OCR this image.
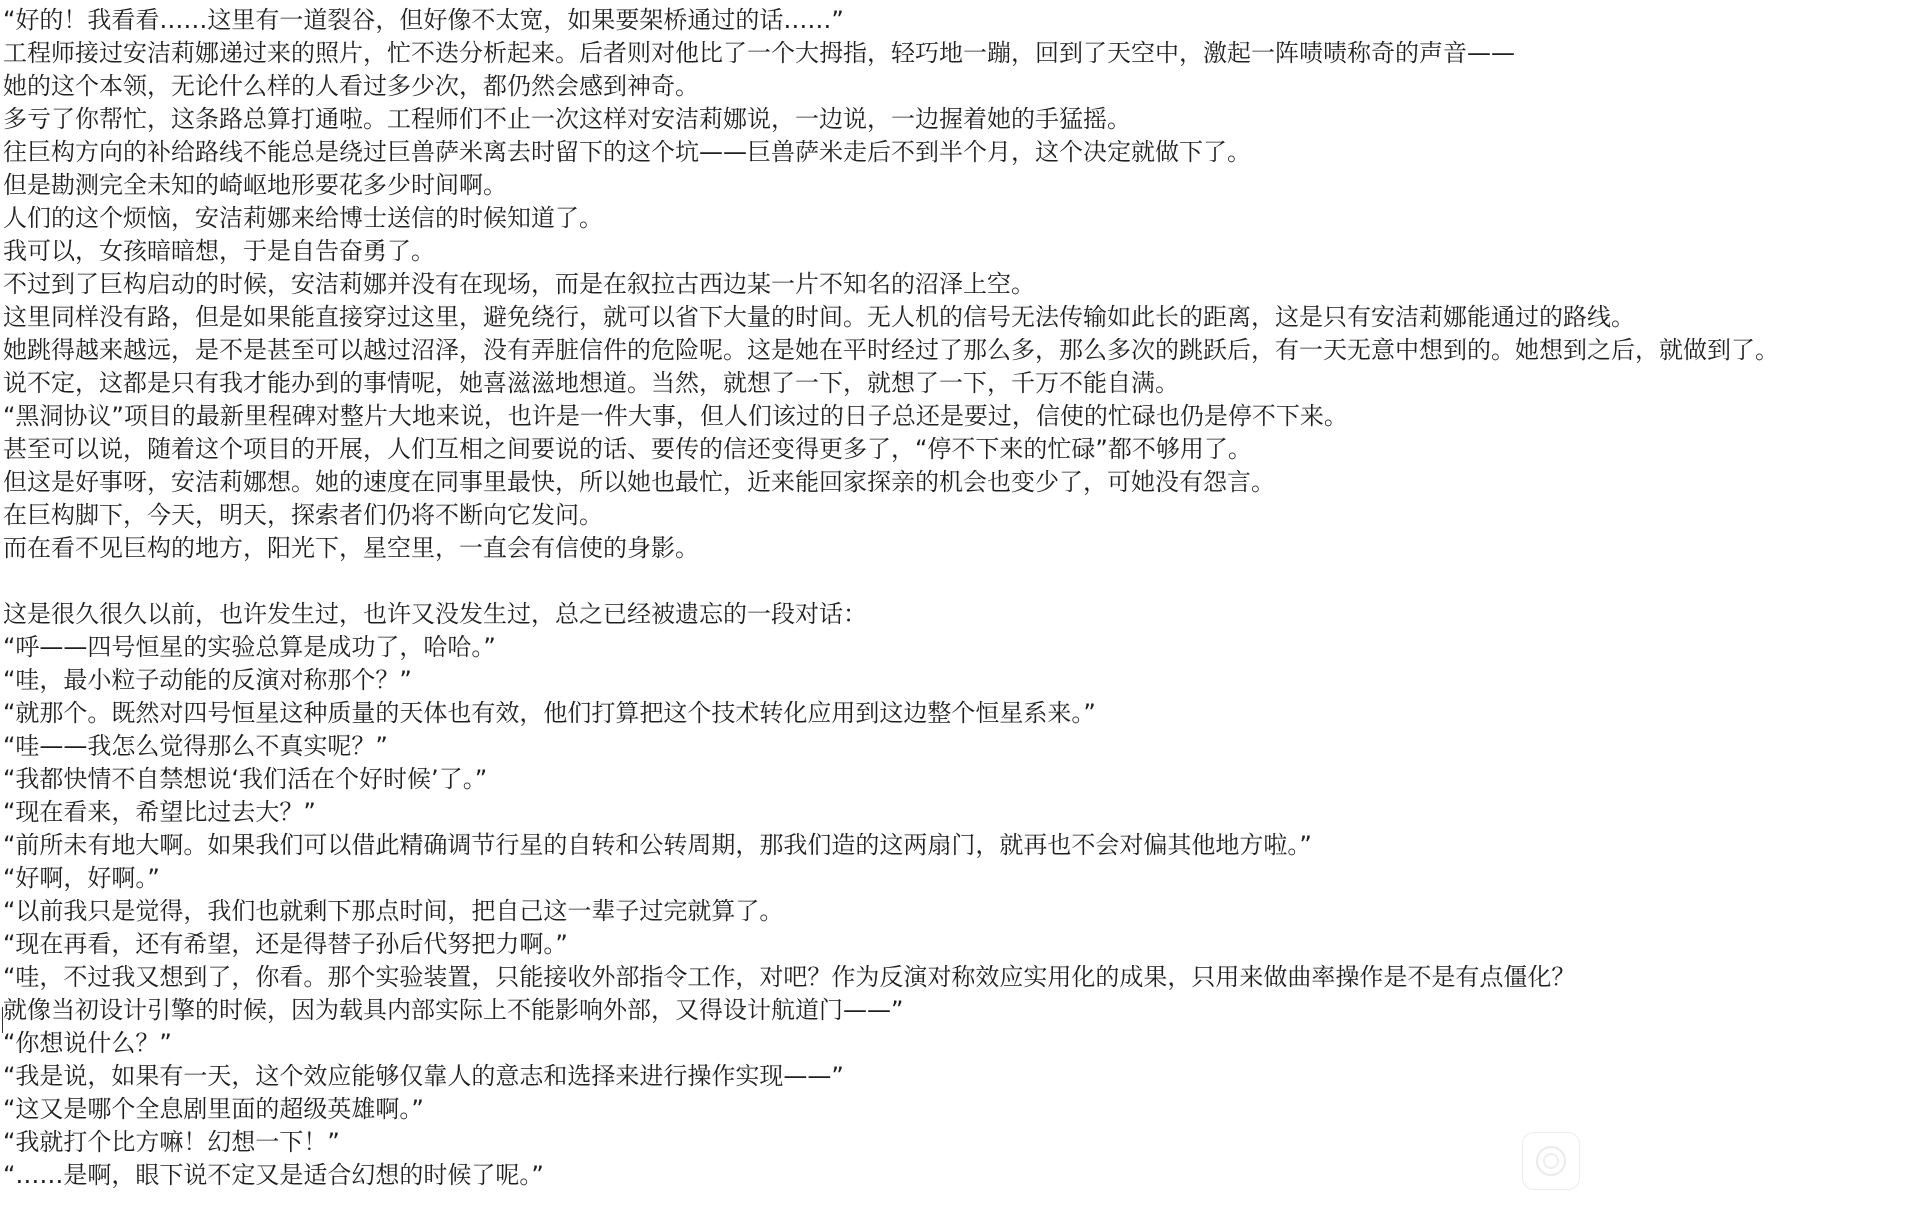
“好的！我看看……这里有一道裂谷，但好像不太宽，如果要架桥通过的话……”
工程师接过安洁莉娜递过来的照片，忙不迭分析起来。后者则对他比了一个大拇指，轻巧地一蹦，回到了天空中，激起一阵啧啧称奇的声音——
她的这个本领，无论什么样的人看过多少次，都仍然会感到神奇。
多亏了你帮忙，这条路总算打通啦。工程师们不止一次这样对安洁莉娜说，一边说，一边握着她的手猛摇。
往巨构方向的补给路线不能总是绕过巨兽萨米离去时留下的这个坑——巨兽萨米走后不到半个月，这个决定就做下了。
但是勘测完全未知的崎岖地形要花多少时间啊。
人们的这个烦恼，安洁莉娜来给博士送信的时候知道了。
我可以，女孩暗暗想，于是自告奋勇了。
不过到了巨构启动的时候，安洁莉娜并没有在现场，而是在叙拉古西边某一片不知名的沼泽上空。
这里同样没有路，但是如果能直接穿过这里，避免绕行，就可以省下大量的时间。无人机的信号无法传输如此长的距离，这是只有安洁莉娜能通过的路线。
她跳得越来越远，是不是甚至可以越过沼泽，没有弄脏信件的危险呢。这是她在平时经过了那么多，那么多次的跳跃后，有一天无意中想到的。她想到之后，就做到了。
说不定，这都是只有我才能办到的事情呢，她喜滋滋地想道。当然，就想了一下，就想了一下，千万不能自满。
“黑洞协议”项目的最新里程碑对整片大地来说，也许是一件大事，但人们该过的日子总还是要过，信使的忙碌也仍是停不下来。
甚至可以说，随着这个项目的开展，人们互相之间要说的话、要传的信还变得更多了，“停不下来的忙碌”都不够用了。
但这是好事呀，安洁莉娜想。她的速度在同事里最快，所以她也最忙，近来能回家探亲的机会也变少了，可她没有怨言。
在巨构脚下，今天，明天，探索者们仍将不断向它发问。
而在看不见巨构的地方，阳光下，星空里，一直会有信使的身影。
这是很久很久以前，也许发生过，也许又没发生过，总之已经被遗忘的一段对话：
“呼——四号恒星的实验总算是成功了，哈哈。”
“哇，最小粒子动能的反演对称那个？”
“就那个。既然对四号恒星这种质量的天体也有效，他们打算把这个技术转化应用到这边整个恒星系来。”
“哇——我怎么觉得那么不真实呢？”
“我都快情不自禁想说‘我们活在个好时候’了。”
“现在看来，希望比过去大？”
“前所未有地大啊。如果我们可以借此精确调节行星的自转和公转周期，那我们造的这两扇门，就再也不会对偏其他地方啦。”
“好啊，好啊。”
“以前我只是觉得，我们也就剩下那点时间，把自己这一辈子过完就算了。
“现在再看，还有希望，还是得替子孙后代努把力啊。”
“哇，不过我又想到了，你看。那个实验装置，只能接收外部指令工作，对吧？作为反演对称效应实用化的成果，只用来做曲率操作是不是有点僵化？
就像当初设计引擎的时候，因为载具内部实际上不能影响外部，又得设计航道门——”
“你想说什么？”
“我是说，如果有一天，这个效应能够仅靠人的意志和选择来进行操作实现——”
“这又是哪个全息剧里面的超级英雄啊。”
“我就打个比方嘛！幻想一下！”
“……是啊，眼下说不定又是适合幻想的时候了呢。”
